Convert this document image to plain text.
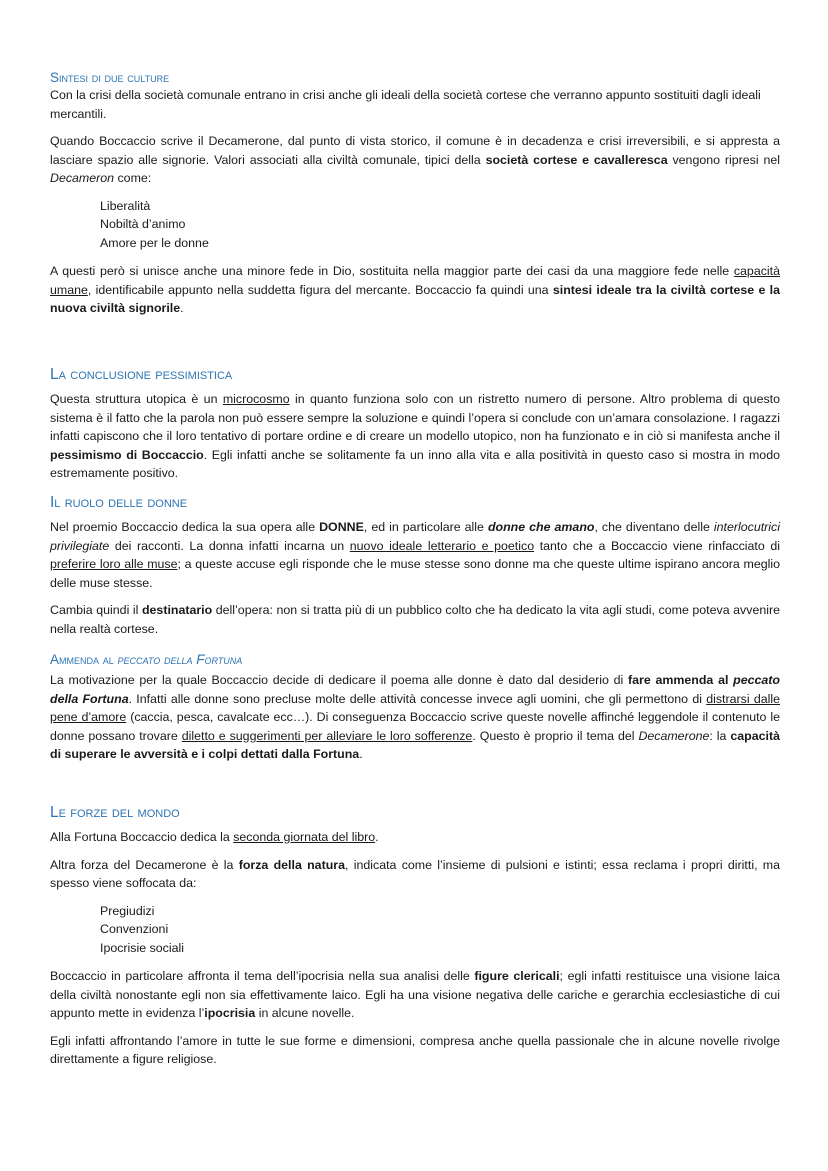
Sintesi di due culture

Con la crisi della società comunale entrano in crisi anche gli ideali della società cortese che verranno appunto sostituiti dagli ideali mercantili.

Quando Boccaccio scrive il Decamerone, dal punto di vista storico, il comune è in decadenza e crisi irreversibili, e si appresta a lasciare spazio alle signorie. Valori associati alla civiltà comunale, tipici della società cortese e cavalleresca vengono ripresi nel Decameron come:

Liberalità
Nobiltà d’animo
Amore per le donne

A questi però si unisce anche una minore fede in Dio, sostituita nella maggior parte dei casi da una maggiore fede nelle capacità umane, identificabile appunto nella suddetta figura del mercante. Boccaccio fa quindi una sintesi ideale tra la civiltà cortese e la nuova civiltà signorile.

La conclusione pessimistica

Questa struttura utopica è un microcosmo in quanto funziona solo con un ristretto numero di persone. Altro problema di questo sistema è il fatto che la parola non può essere sempre la soluzione e quindi l’opera si conclude con un’amara consolazione. I ragazzi infatti capiscono che il loro tentativo di portare ordine e di creare un modello utopico, non ha funzionato e in ciò si manifesta anche il pessimismo di Boccaccio. Egli infatti anche se solitamente fa un inno alla vita e alla positività in questo caso si mostra in modo estremamente positivo.

Il ruolo delle donne

Nel proemio Boccaccio dedica la sua opera alle DONNE, ed in particolare alle donne che amano, che diventano delle interlocutrici privilegiate dei racconti. La donna infatti incarna un nuovo ideale letterario e poetico tanto che a Boccaccio viene rinfacciato di preferire loro alle muse; a queste accuse egli risponde che le muse stesse sono donne ma che queste ultime ispirano ancora meglio delle muse stesse.

Cambia quindi il destinatario dell’opera: non si tratta più di un pubblico colto che ha dedicato la vita agli studi, come poteva avvenire nella realtà cortese.

Ammenda al peccato della Fortuna

La motivazione per la quale Boccaccio decide di dedicare il poema alle donne è dato dal desiderio di fare ammenda al peccato della Fortuna. Infatti alle donne sono precluse molte delle attività concesse invece agli uomini, che gli permettono di distrarsi dalle pene d’amore (caccia, pesca, cavalcate ecc…). Di conseguenza Boccaccio scrive queste novelle affinché leggendole il contenuto le donne possano trovare diletto e suggerimenti per alleviare le loro sofferenze. Questo è proprio il tema del Decamerone: la capacità di superare le avversità e i colpi dettati dalla Fortuna.

Le forze del mondo

Alla Fortuna Boccaccio dedica la seconda giornata del libro.

Altra forza del Decamerone è la forza della natura, indicata come l’insieme di pulsioni e istinti; essa reclama i propri diritti, ma spesso viene soffocata da:

Pregiudizi
Convenzioni
Ipocrisie sociali

Boccaccio in particolare affronta il tema dell’ipocrisia nella sua analisi delle figure clericali; egli infatti restituisce una visione laica della civiltà nonostante egli non sia effettivamente laico. Egli ha una visione negativa delle cariche e gerarchia ecclesiastiche di cui appunto mette in evidenza l’ipocrisia in alcune novelle.

Egli infatti affrontando l’amore in tutte le sue forme e dimensioni, compresa anche quella passionale che in alcune novelle rivolge direttamente a figure religiose.
